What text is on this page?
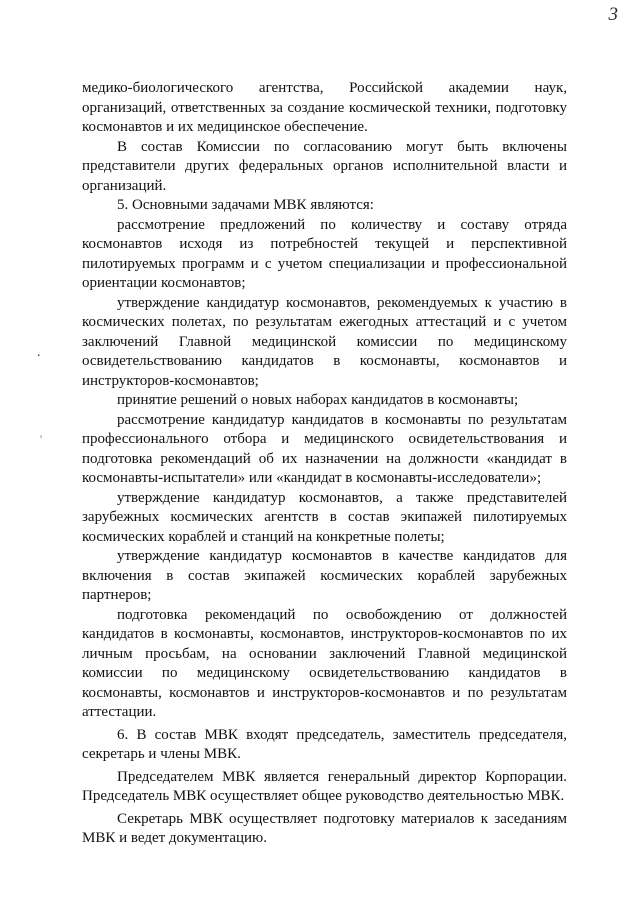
3
.
'

медико-биологического агентства, Российской академии наук, организаций, ответственных за создание космической техники, подготовку космонавтов и их медицинское обеспечение.

В состав Комиссии по согласованию могут быть включены представители других федеральных органов исполнительной власти и организаций.

5. Основными задачами МВК являются:

рассмотрение предложений по количеству и составу отряда космонавтов исходя из потребностей текущей и перспективной пилотируемых программ и с учетом специализации и профессиональной ориентации космонавтов;

утверждение кандидатур космонавтов, рекомендуемых к участию в космических полетах, по результатам ежегодных аттестаций и с учетом заключений Главной медицинской комиссии по медицинскому освидетельствованию кандидатов в космонавты, космонавтов и инструкторов-космонавтов;

принятие решений о новых наборах кандидатов в космонавты;

рассмотрение кандидатур кандидатов в космонавты по результатам профессионального отбора и медицинского освидетельствования и подготовка рекомендаций об их назначении на должности «кандидат в космонавты-испытатели» или «кандидат в космонавты-исследователи»;

утверждение кандидатур космонавтов, а также представителей зарубежных космических агентств в состав экипажей пилотируемых космических кораблей и станций на конкретные полеты;

утверждение кандидатур космонавтов в качестве кандидатов для включения в состав экипажей космических кораблей зарубежных партнеров;

подготовка рекомендаций по освобождению от должностей кандидатов в космонавты, космонавтов, инструкторов-космонавтов по их личным просьбам, на основании заключений Главной медицинской комиссии по медицинскому освидетельствованию кандидатов в космонавты, космонавтов и инструкторов-космонавтов и по результатам аттестации.

6. В состав МВК входят председатель, заместитель председателя, секретарь и члены МВК.

Председателем МВК является генеральный директор Корпорации. Председатель МВК осуществляет общее руководство деятельностью МВК.

Секретарь МВК осуществляет подготовку материалов к заседаниям МВК и ведет документацию.
